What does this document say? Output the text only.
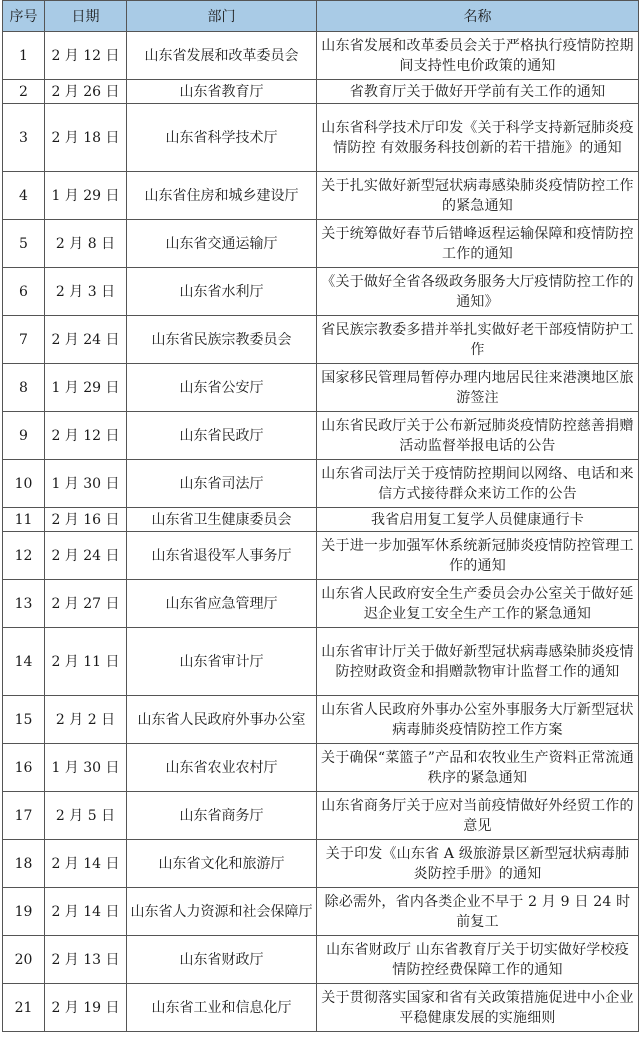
序号	日期	部门	名称
1	2 月 12 日	山东省发展和改革委员会	山东省发展和改革委员会关于严格执行疫情防控期间支持性电价政策的通知
2	2 月 26 日	山东省教育厅	省教育厅关于做好开学前有关工作的通知
3	2 月 18 日	山东省科学技术厅	山东省科学技术厅印发《关于科学支持新冠肺炎疫情防控 有效服务科技创新的若干措施》的通知
4	1 月 29 日	山东省住房和城乡建设厅	关于扎实做好新型冠状病毒感染肺炎疫情防控工作的紧急通知
5	2 月 8 日	山东省交通运输厅	关于统筹做好春节后错峰返程运输保障和疫情防控工作的通知
6	2 月 3 日	山东省水利厅	《关于做好全省各级政务服务大厅疫情防控工作的通知》
7	2 月 24 日	山东省民族宗教委员会	省民族宗教委多措并举扎实做好老干部疫情防护工作
8	1 月 29 日	山东省公安厅	国家移民管理局暂停办理内地居民往来港澳地区旅游签注
9	2 月 12 日	山东省民政厅	山东省民政厅关于公布新冠肺炎疫情防控慈善捐赠活动监督举报电话的公告
10	1 月 30 日	山东省司法厅	山东省司法厅关于疫情防控期间以网络、电话和来信方式接待群众来访工作的公告
11	2 月 16 日	山东省卫生健康委员会	我省启用复工复学人员健康通行卡
12	2 月 24 日	山东省退役军人事务厅	关于进一步加强军休系统新冠肺炎疫情防控管理工作的通知
13	2 月 27 日	山东省应急管理厅	山东省人民政府安全生产委员会办公室关于做好延迟企业复工安全生产工作的紧急通知
14	2 月 11 日	山东省审计厅	山东省审计厅关于做好新型冠状病毒感染肺炎疫情防控财政资金和捐赠款物审计监督工作的通知
15	2 月 2 日	山东省人民政府外事办公室	山东省人民政府外事办公室外事服务大厅新型冠状病毒肺炎疫情防控工作方案
16	1 月 30 日	山东省农业农村厅	关于确保“菜篮子”产品和农牧业生产资料正常流通秩序的紧急通知
17	2 月 5 日	山东省商务厅	山东省商务厅关于应对当前疫情做好外经贸工作的意见
18	2 月 14 日	山东省文化和旅游厅	关于印发《山东省 A 级旅游景区新型冠状病毒肺炎防控手册》的通知
19	2 月 14 日	山东省人力资源和社会保障厅	除必需外，省内各类企业不早于 2 月 9 日 24 时前复工
20	2 月 13 日	山东省财政厅	山东省财政厅 山东省教育厅关于切实做好学校疫情防控经费保障工作的通知
21	2 月 19 日	山东省工业和信息化厅	关于贯彻落实国家和省有关政策措施促进中小企业平稳健康发展的实施细则
